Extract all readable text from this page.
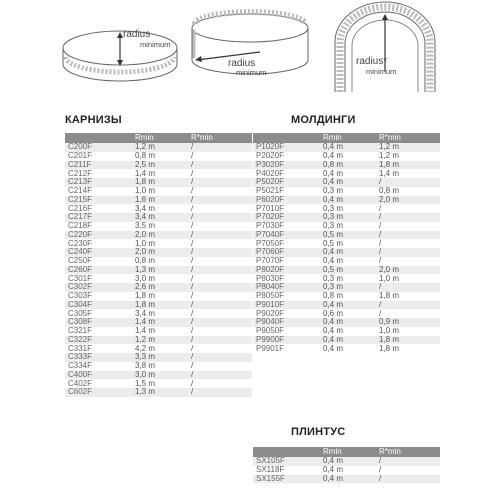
radius
minimum
radius
minimum
radius*
minimum
КАРНИЗЫ	МОЛДИНГИ
ПЛИНТУС
	Rmin	R*min
C200F	1,2 m	/
C201F	0,8 m	/
C211F	2,5 m	/
C212F	1,4 m	/
C213F	1,8 m	/
C214F	1,0 m	/
C215F	1,6 m	/
C216F	3,4 m	/
C217F	3,4 m	/
C218F	3,5 m	/
C220F	2,0 m	/
C230F	1,0 m	/
C240F	2,0 m	/
C250F	0,8 m	/
C260F	1,3 m	/
C301F	3,0 m	/
C302F	2,6 m	/
C303F	1,8 m	/
C304F	1,8 m	/
C305F	3,4 m	/
C308F	1,4 m	/
C321F	1,4 m	/
C322F	1,2 m	/
C331F	4,2 m	/
C333F	3,3 m	/
C334F	3,8 m	/
C400F	3,0 m	/
C402F	1,5 m	/
C602F	1,3 m	/
	Rmin	R*min
P1020F	0,4 m	1,2 m
P2020F	0,4 m	1,2 m
P3020F	0,8 m	1,8 m
P4020F	0,4 m	1,4 m
P5020F	0,4 m	/
P5021F	0,3 m	0,8 m
P6020F	0,4 m	2,0 m
P7010F	0,3 m	/
P7020F	0,3 m	/
P7030F	0,3 m	/
P7040F	0,5 m	/
P7050F	0,5 m	/
P7060F	0,4 m	/
P7070F	0,4 m	/
P8020F	0,5 m	2,0 m
P8030F	0,3 m	1,0 m
P8040F	0,3 m	/
P8050F	0,8 m	1,8 m
P9010F	0,4 m	/
P9020F	0,6 m	/
P9040F	0,4 m	0,9 m
P9050F	0,4 m	1,0 m
P9900F	0,4 m	1,8 m
P9901F	0,4 m	1,8 m
	Rmin	R*min
SX105F	0,4 m	/
SX118F	0,4 m	/
SX155F	0,4 m	/
